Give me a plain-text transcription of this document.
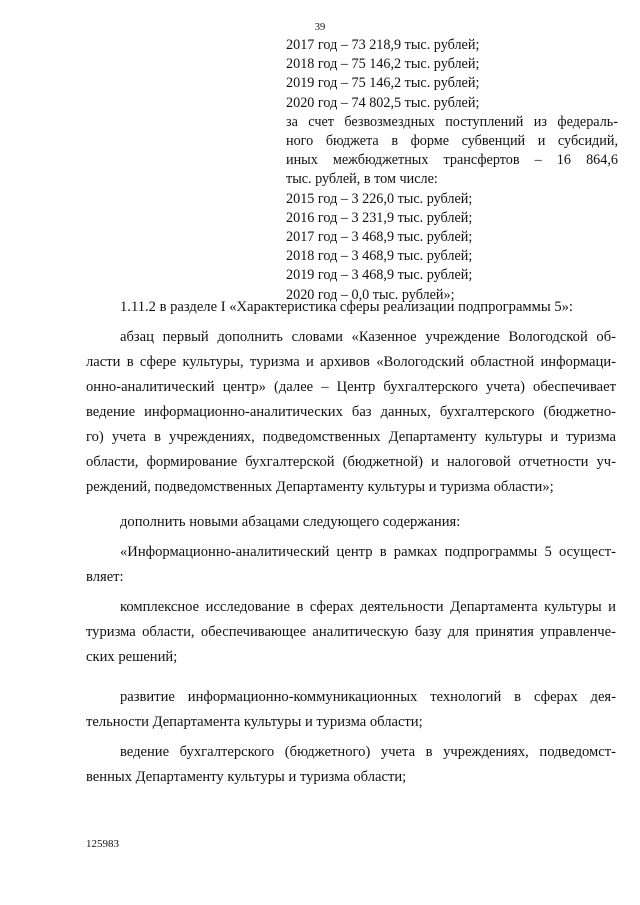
39
2017 год – 73 218,9 тыс. рублей;
2018 год – 75 146,2 тыс. рублей;
2019 год – 75 146,2 тыс. рублей;
2020 год – 74 802,5 тыс. рублей;
за счет безвозмездных поступлений из федераль-
ного бюджета в форме субвенций и субсидий,
иных межбюджетных трансфертов – 16 864,6
тыс. рублей, в том числе:
2015 год – 3 226,0 тыс. рублей;
2016 год – 3 231,9 тыс. рублей;
2017 год – 3 468,9 тыс. рублей;
2018 год – 3 468,9 тыс. рублей;
2019 год – 3 468,9 тыс. рублей;
2020 год – 0,0 тыс. рублей»;
1.11.2 в разделе I «Характеристика сферы реализации подпрограммы 5»:
абзац первый дополнить словами «Казенное учреждение Вологодской об-
ласти в сфере культуры, туризма и архивов «Вологодский областной информаци-
онно-аналитический центр» (далее – Центр бухгалтерского учета) обеспечивает
ведение информационно-аналитических баз данных, бухгалтерского (бюджетно-
го) учета в учреждениях, подведомственных Департаменту культуры и туризма
области, формирование бухгалтерской (бюджетной) и налоговой отчетности уч-
реждений, подведомственных Департаменту культуры и туризма области»;
дополнить новыми абзацами следующего содержания:
«Информационно-аналитический центр в рамках подпрограммы 5 осущест-
вляет:
комплексное исследование в сферах деятельности Департамента культуры и
туризма области, обеспечивающее аналитическую базу для принятия управленче-
ских решений;
развитие информационно-коммуникационных технологий в сферах дея-
тельности Департамента культуры и туризма области;
ведение бухгалтерского (бюджетного) учета в учреждениях, подведомст-
венных Департаменту культуры и туризма области;
125983
